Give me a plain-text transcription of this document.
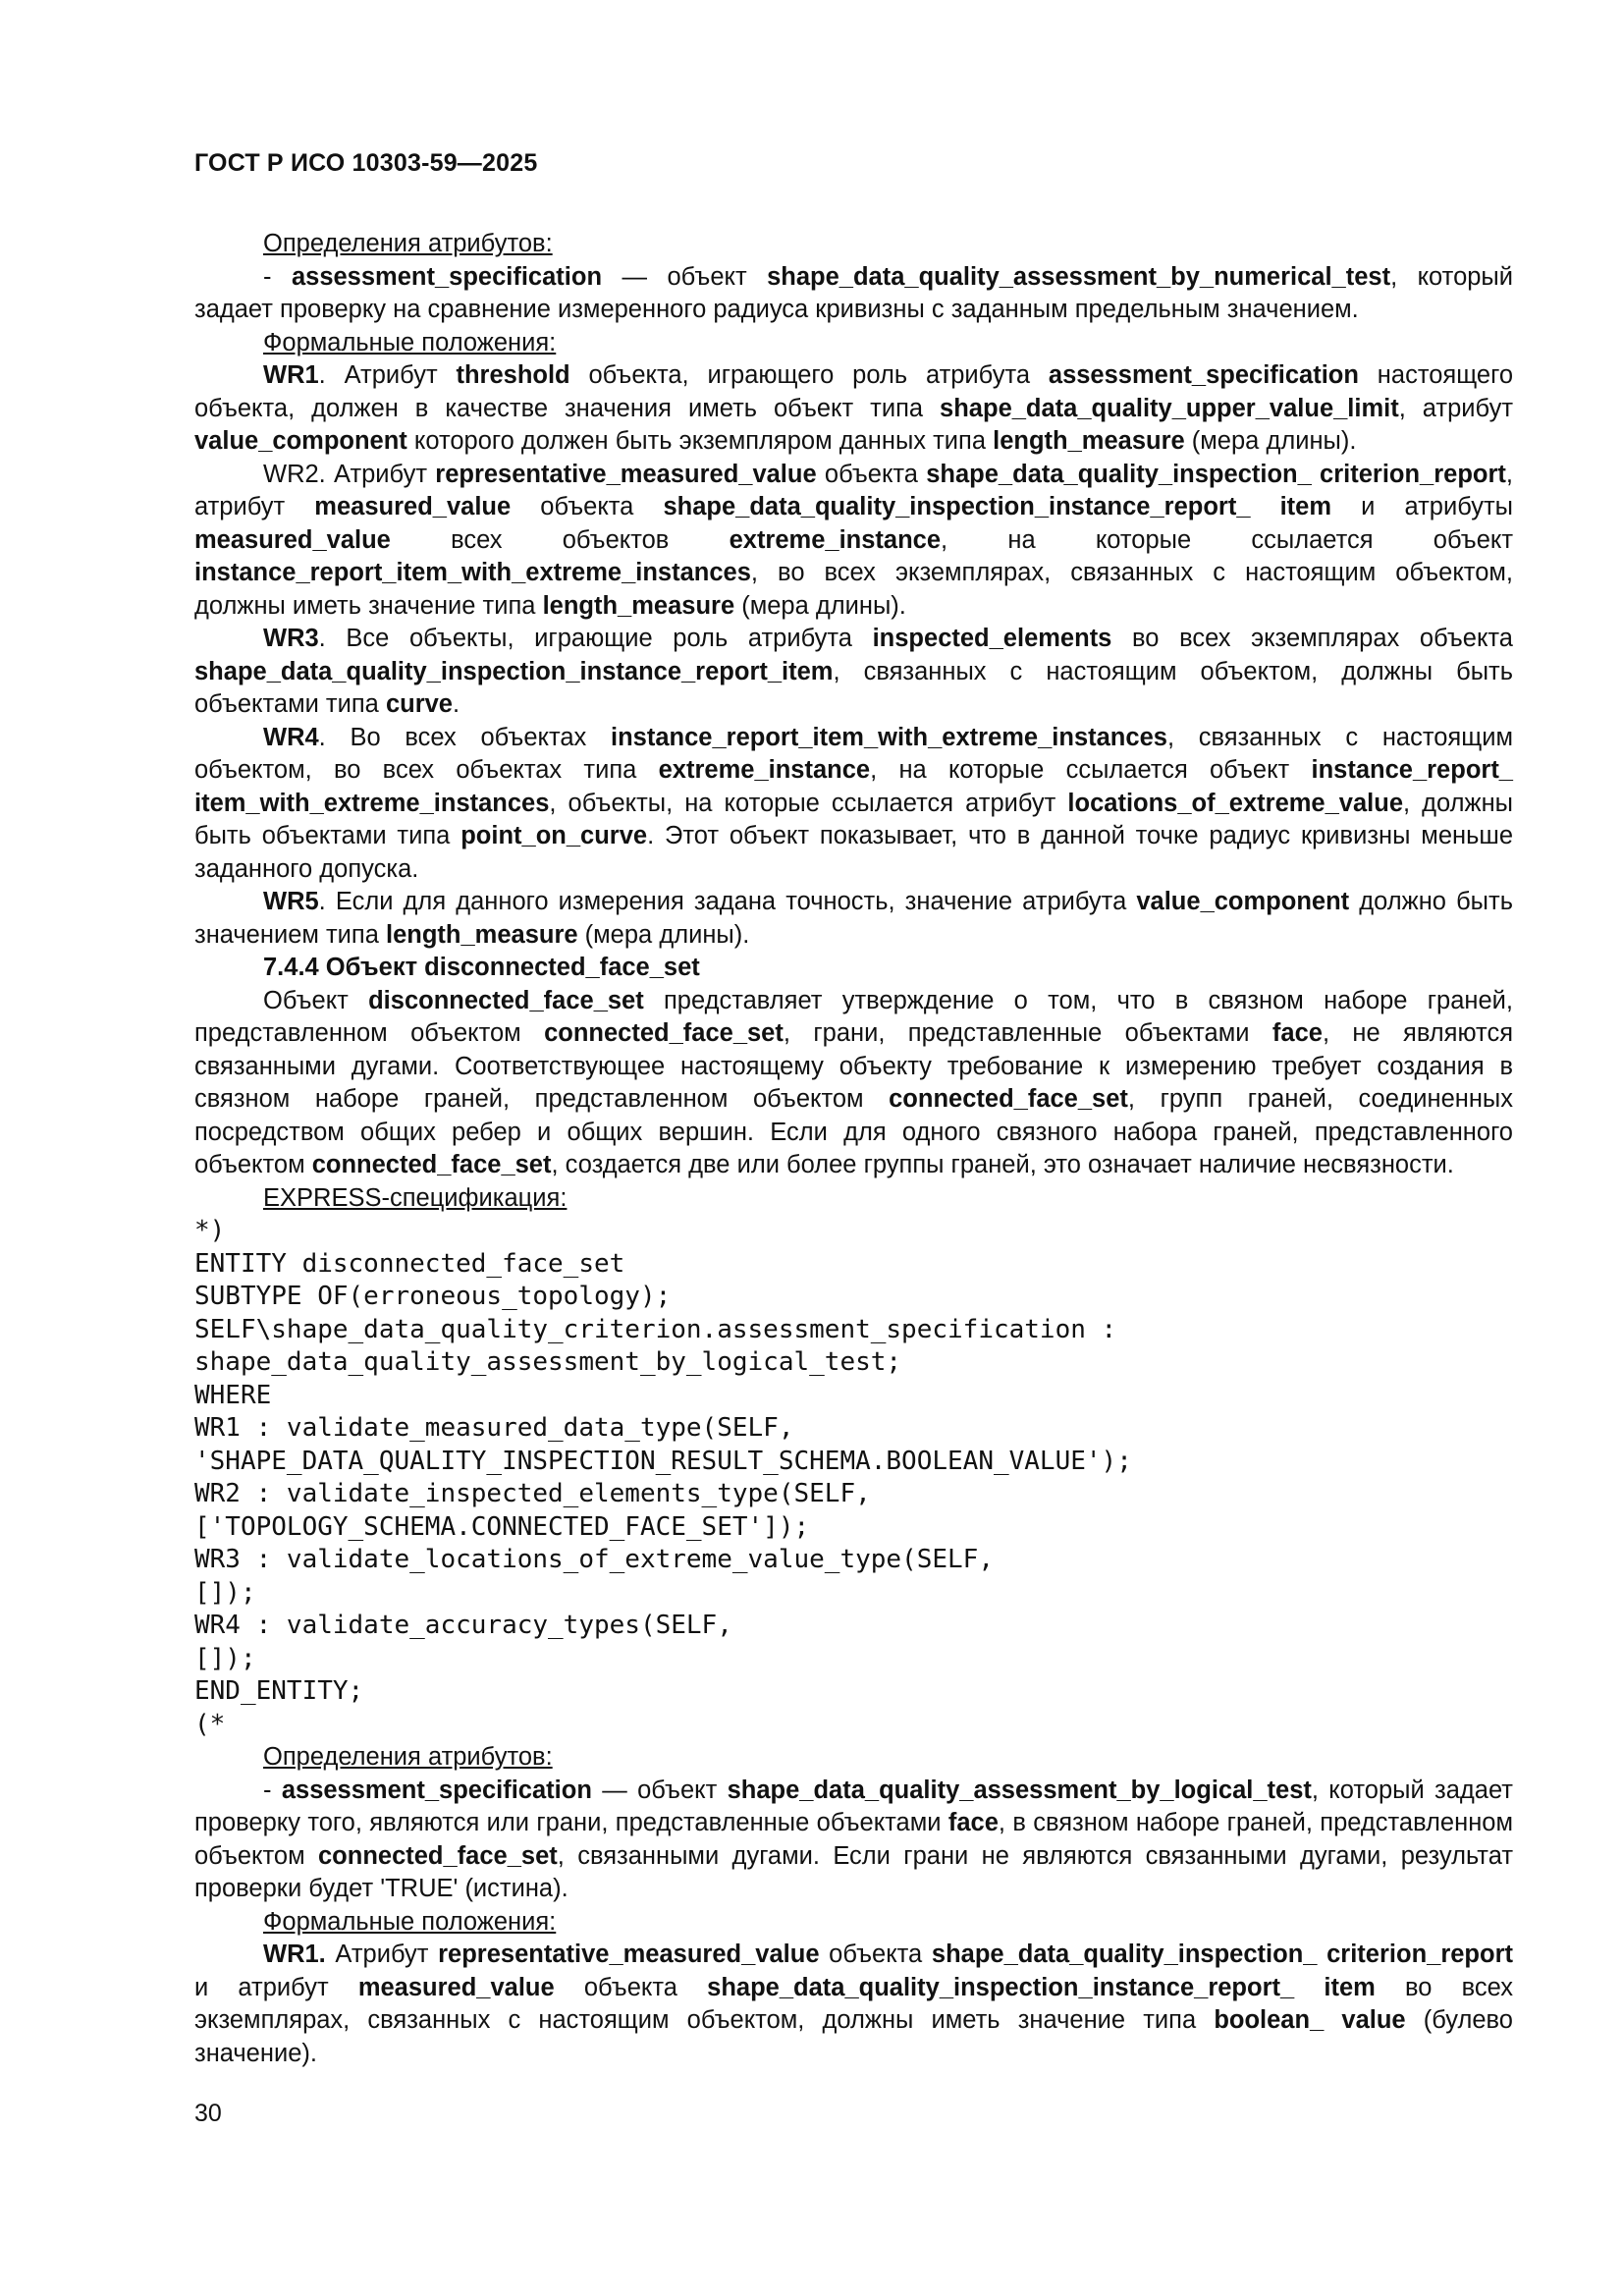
ГОСТ Р ИСО 10303-59—2025
Определения атрибутов:

- assessment_specification — объект shape_data_quality_assessment_by_numerical_test, который задает проверку на сравнение измеренного радиуса кривизны с заданным предельным значением.

Формальные положения:

WR1. Атрибут threshold объекта, играющего роль атрибута assessment_specification настоящего объекта, должен в качестве значения иметь объект типа shape_data_quality_upper_value_limit, атрибут value_component которого должен быть экземпляром данных типа length_measure (мера длины).

WR2. Атрибут representative_measured_value объекта shape_data_quality_inspection_ criterion_report, атрибут measured_value объекта shape_data_quality_inspection_instance_report_ item и атрибуты measured_value всех объектов extreme_instance, на которые ссылается объект instance_report_item_with_extreme_instances, во всех экземплярах, связанных с настоящим объектом, должны иметь значение типа length_measure (мера длины).

WR3. Все объекты, играющие роль атрибута inspected_elements во всех экземплярах объекта shape_data_quality_inspection_instance_report_item, связанных с настоящим объектом, должны быть объектами типа curve.

WR4. Во всех объектах instance_report_item_with_extreme_instances, связанных с настоящим объектом, во всех объектах типа extreme_instance, на которые ссылается объект instance_report_ item_with_extreme_instances, объекты, на которые ссылается атрибут locations_of_extreme_value, должны быть объектами типа point_on_curve. Этот объект показывает, что в данной точке радиус кривизны меньше заданного допуска.

WR5. Если для данного измерения задана точность, значение атрибута value_component должно быть значением типа length_measure (мера длины).

7.4.4 Объект disconnected_face_set

Объект disconnected_face_set представляет утверждение о том, что в связном наборе граней, представленном объектом connected_face_set, грани, представленные объектами face, не являются связанными дугами. Соответствующее настоящему объекту требование к измерению требует создания в связном наборе граней, представленном объектом connected_face_set, групп граней, соединенных посредством общих ребер и общих вершин. Если для одного связного набора граней, представленного объектом connected_face_set, создается две или более группы граней, это означает наличие несвязности.

EXPRESS-спецификация:
*)
ENTITY disconnected_face_set
SUBTYPE OF(erroneous_topology);
SELF\shape_data_quality_criterion.assessment_specification :
shape_data_quality_assessment_by_logical_test;
WHERE
WR1 : validate_measured_data_type(SELF,
'SHAPE_DATA_QUALITY_INSPECTION_RESULT_SCHEMA.BOOLEAN_VALUE');
WR2 : validate_inspected_elements_type(SELF,
['TOPOLOGY_SCHEMA.CONNECTED_FACE_SET']);
WR3 : validate_locations_of_extreme_value_type(SELF,
[]);
WR4 : validate_accuracy_types(SELF,
[]);
END_ENTITY;
(*
Определения атрибутов:

- assessment_specification — объект shape_data_quality_assessment_by_logical_test, который задает проверку того, являются или грани, представленные объектами face, в связном наборе граней, представленном объектом connected_face_set, связанными дугами. Если грани не являются связанными дугами, результат проверки будет 'TRUE' (истина).

Формальные положения:

WR1. Атрибут representative_measured_value объекта shape_data_quality_inspection_ criterion_report и атрибут measured_value объекта shape_data_quality_inspection_instance_report_ item во всех экземплярах, связанных с настоящим объектом, должны иметь значение типа boolean_ value (булево значение).

30
